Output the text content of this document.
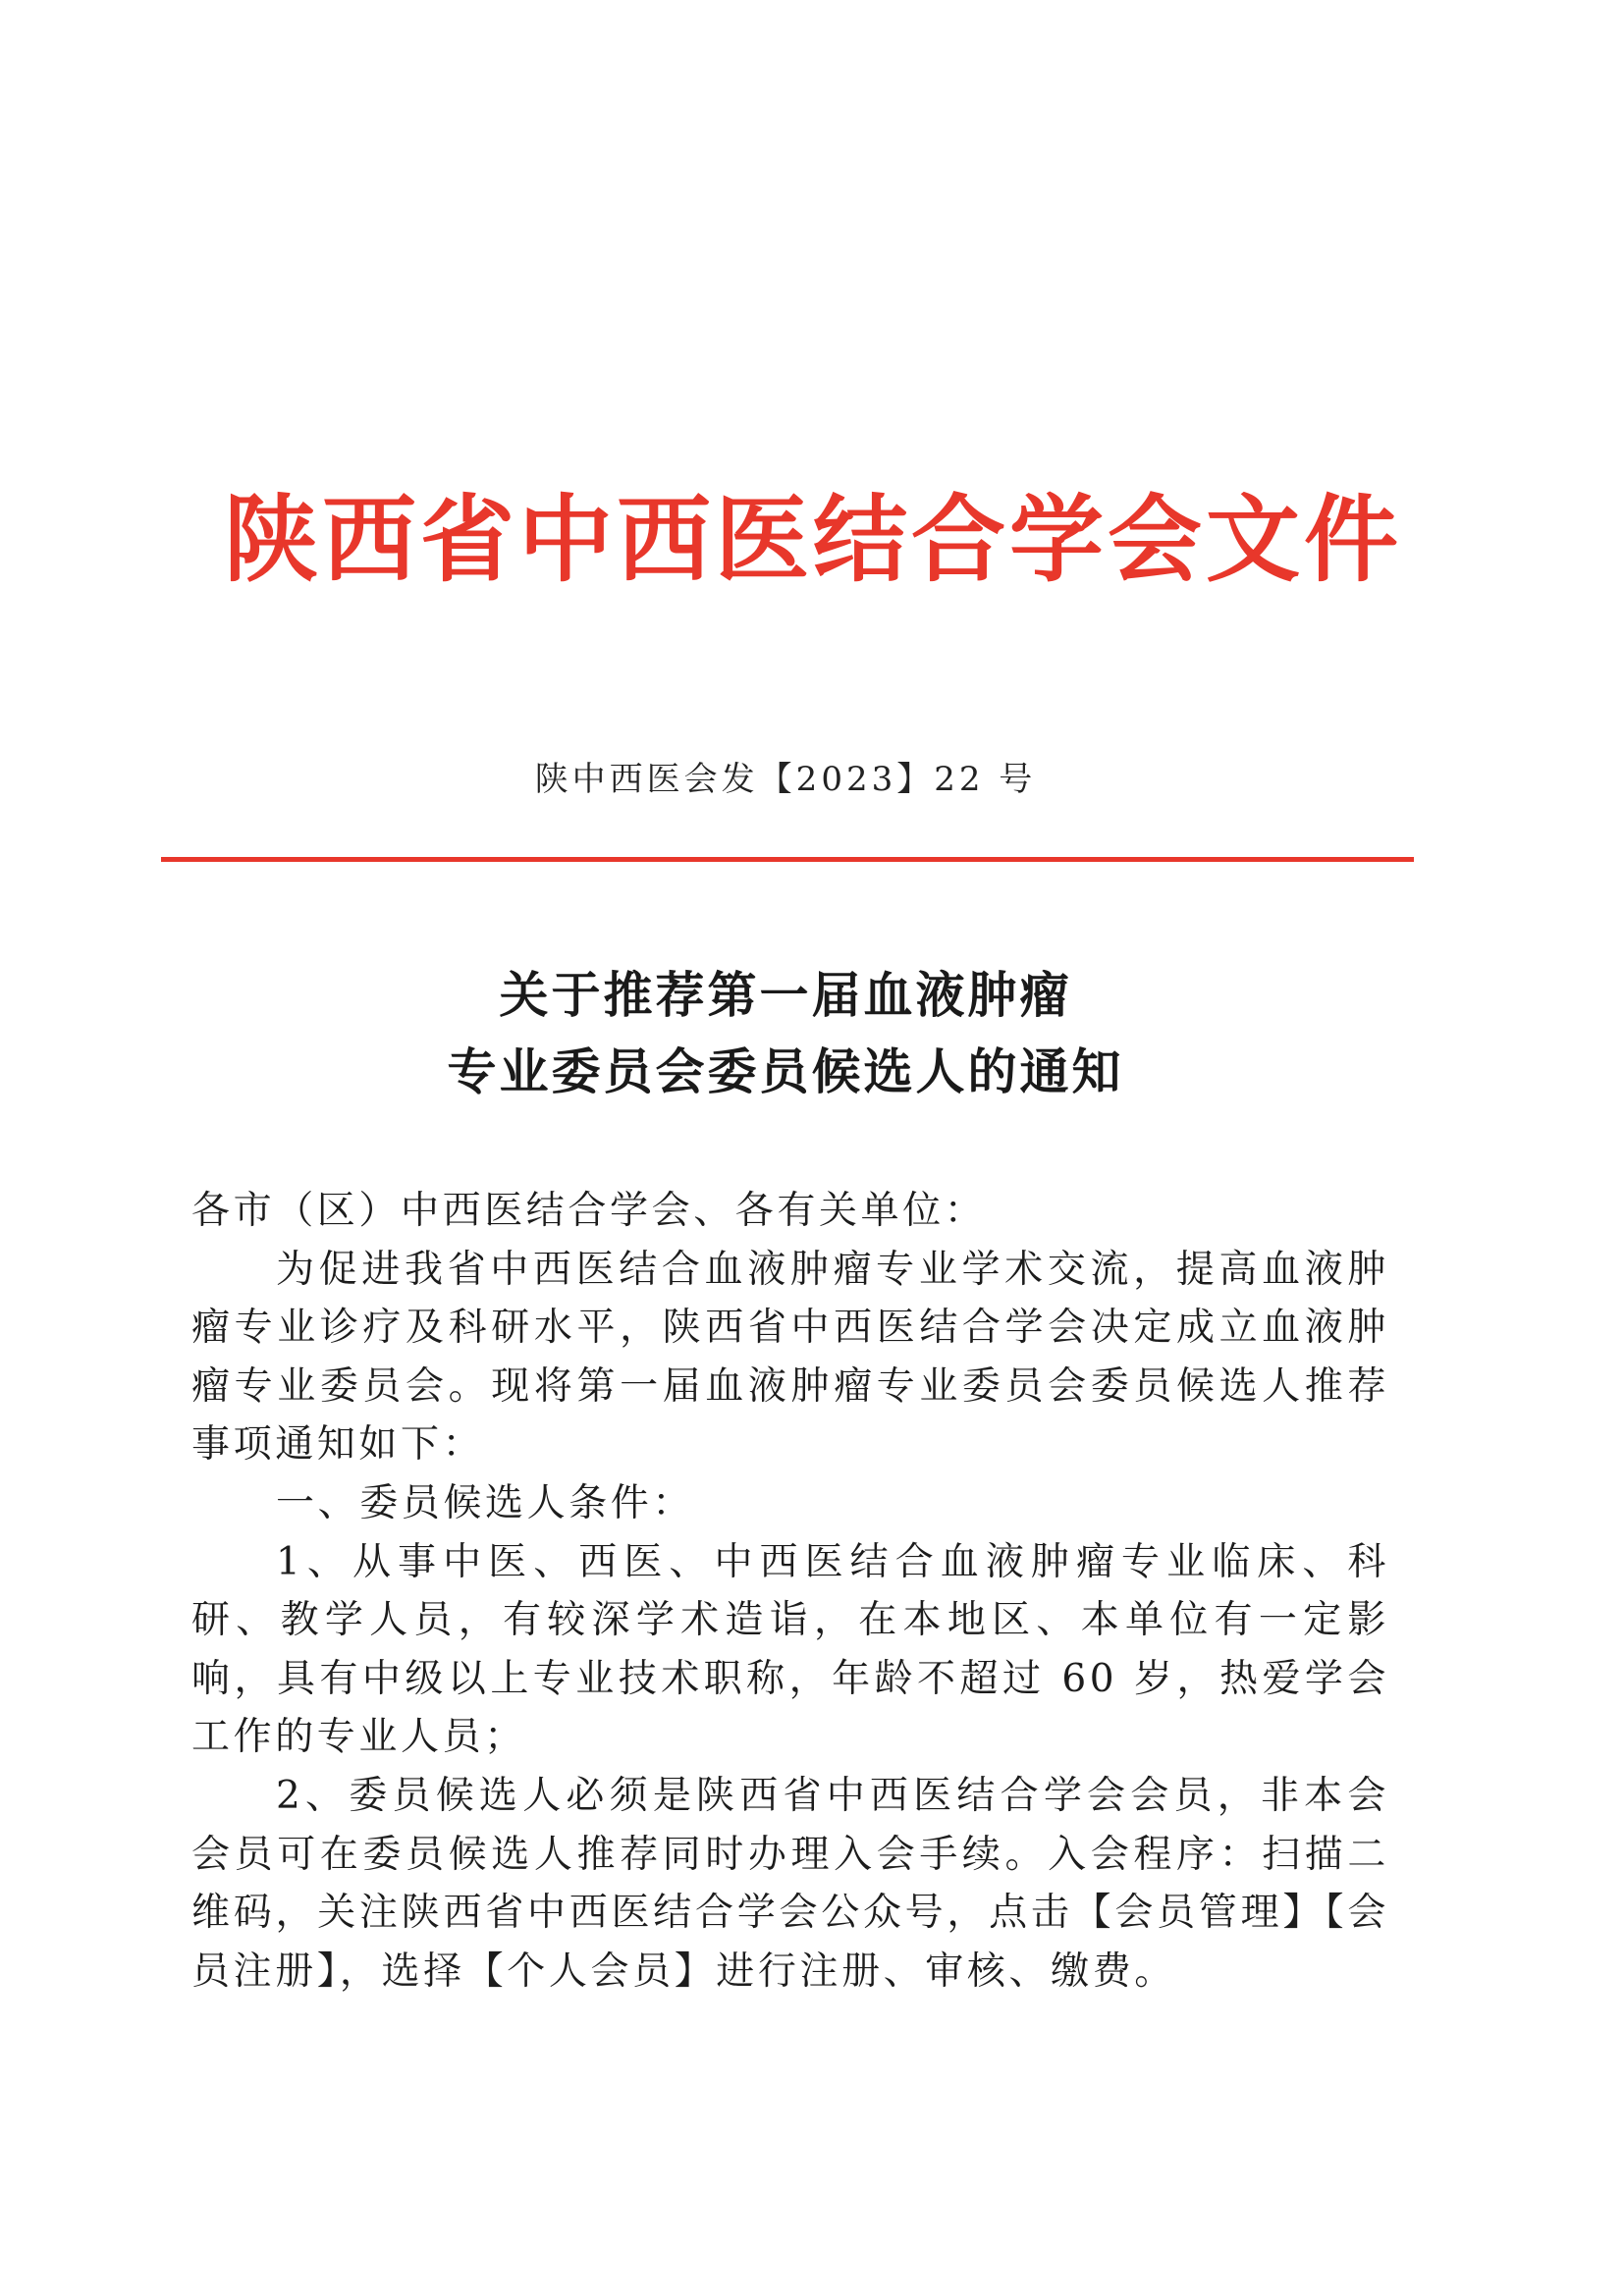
陕西省中西医结合学会文件
陕中西医会发【2023】22 号
关于推荐第一届血液肿瘤
专业委员会委员候选人的通知

各市（区）中西医结合学会、各有关单位：

为促进我省中西医结合血液肿瘤专业学术交流，提高血液肿瘤专业诊疗及科研水平，陕西省中西医结合学会决定成立血液肿瘤专业委员会。现将第一届血液肿瘤专业委员会委员候选人推荐事项通知如下：

一、委员候选人条件：

1、从事中医、西医、中西医结合血液肿瘤专业临床、科研、教学人员，有较深学术造诣，在本地区、本单位有一定影响，具有中级以上专业技术职称，年龄不超过 60 岁，热爱学会工作的专业人员；

2、委员候选人必须是陕西省中西医结合学会会员，非本会会员可在委员候选人推荐同时办理入会手续。入会程序：扫描二维码，关注陕西省中西医结合学会公众号，点击【会员管理】【会员注册】，选择【个人会员】进行注册、审核、缴费。
